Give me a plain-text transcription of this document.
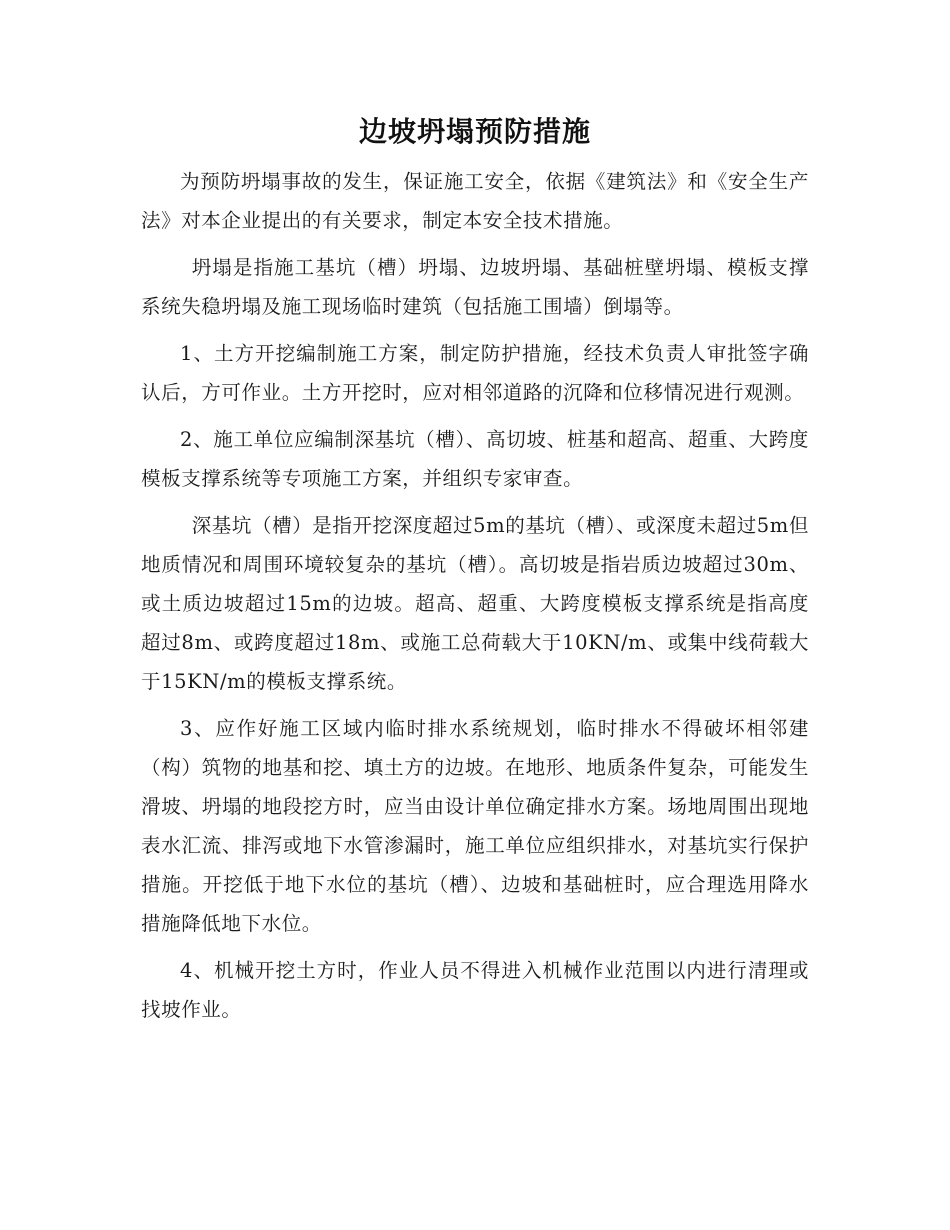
边坡坍塌预防措施

为预防坍塌事故的发生，保证施工安全，依据《建筑法》和《安全生产法》对本企业提出的有关要求，制定本安全技术措施。

坍塌是指施工基坑（槽）坍塌、边坡坍塌、基础桩壁坍塌、模板支撑系统失稳坍塌及施工现场临时建筑（包括施工围墙）倒塌等。

1、土方开挖编制施工方案，制定防护措施，经技术负责人审批签字确认后，方可作业。土方开挖时，应对相邻道路的沉降和位移情况进行观测。

2、施工单位应编制深基坑（槽）、高切坡、桩基和超高、超重、大跨度模板支撑系统等专项施工方案，并组织专家审查。

深基坑（槽）是指开挖深度超过5m的基坑（槽）、或深度未超过5m但地质情况和周围环境较复杂的基坑（槽）。高切坡是指岩质边坡超过30m、或土质边坡超过15m的边坡。超高、超重、大跨度模板支撑系统是指高度超过8m、或跨度超过18m、或施工总荷载大于10KN/m、或集中线荷载大于15KN/m的模板支撑系统。

3、应作好施工区域内临时排水系统规划，临时排水不得破坏相邻建（构）筑物的地基和挖、填土方的边坡。在地形、地质条件复杂，可能发生滑坡、坍塌的地段挖方时，应当由设计单位确定排水方案。场地周围出现地表水汇流、排泻或地下水管渗漏时，施工单位应组织排水，对基坑实行保护措施。开挖低于地下水位的基坑（槽）、边坡和基础桩时，应合理选用降水措施降低地下水位。

4、机械开挖土方时，作业人员不得进入机械作业范围以内进行清理或找坡作业。
